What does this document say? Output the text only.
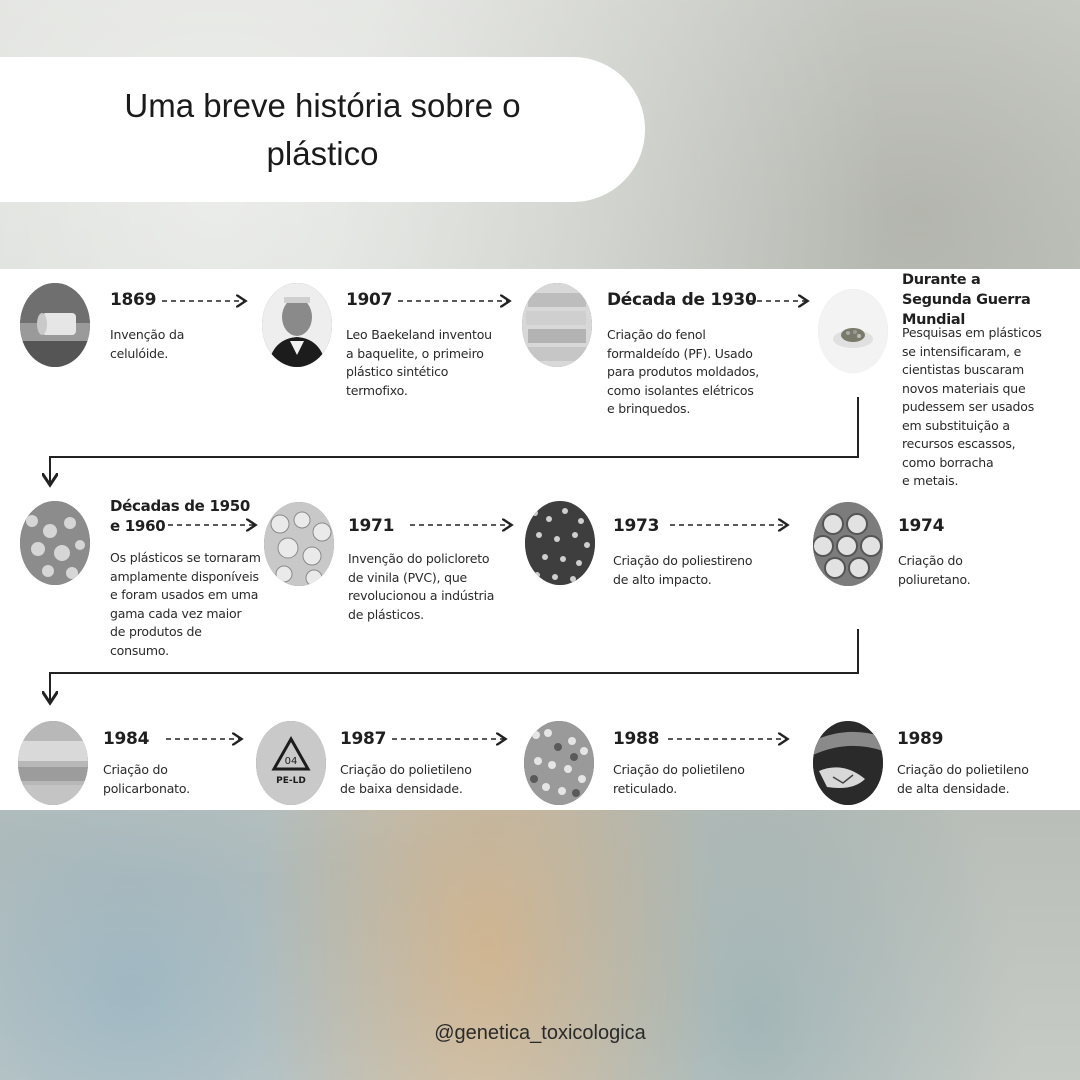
Uma breve história sobre o plástico
1869
Invenção da
celulóide.
1907
Leo Baekeland inventou
a baquelite, o primeiro
plástico sintético
termofixo.
Década de 1930
Criação do fenol
formaldeído (PF). Usado
para produtos moldados,
como isolantes elétricos
e brinquedos.
Durante a
Segunda Guerra Mundial
Pesquisas em plásticos
se intensificaram, e
cientistas buscaram
novos materiais que
pudessem ser usados
em substituição a
recursos escassos,
como borracha
e metais.
Décadas de 1950
e 1960
Os plásticos se tornaram
amplamente disponíveis
e foram usados em uma
gama cada vez maior
de produtos de
consumo.
1971
Invenção do policloreto
de vinila (PVC), que
revolucionou a indústria
de plásticos.
1973
Criação do poliestireno
de alto impacto.
1974
Criação do
poliuretano.
1984
Criação do
policarbonato.
04
PE-LD
1987
Criação do polietileno
de baixa densidade.
1988
Criação do polietileno
reticulado.
1989
Criação do polietileno
de alta densidade.
@genetica_toxicologica
